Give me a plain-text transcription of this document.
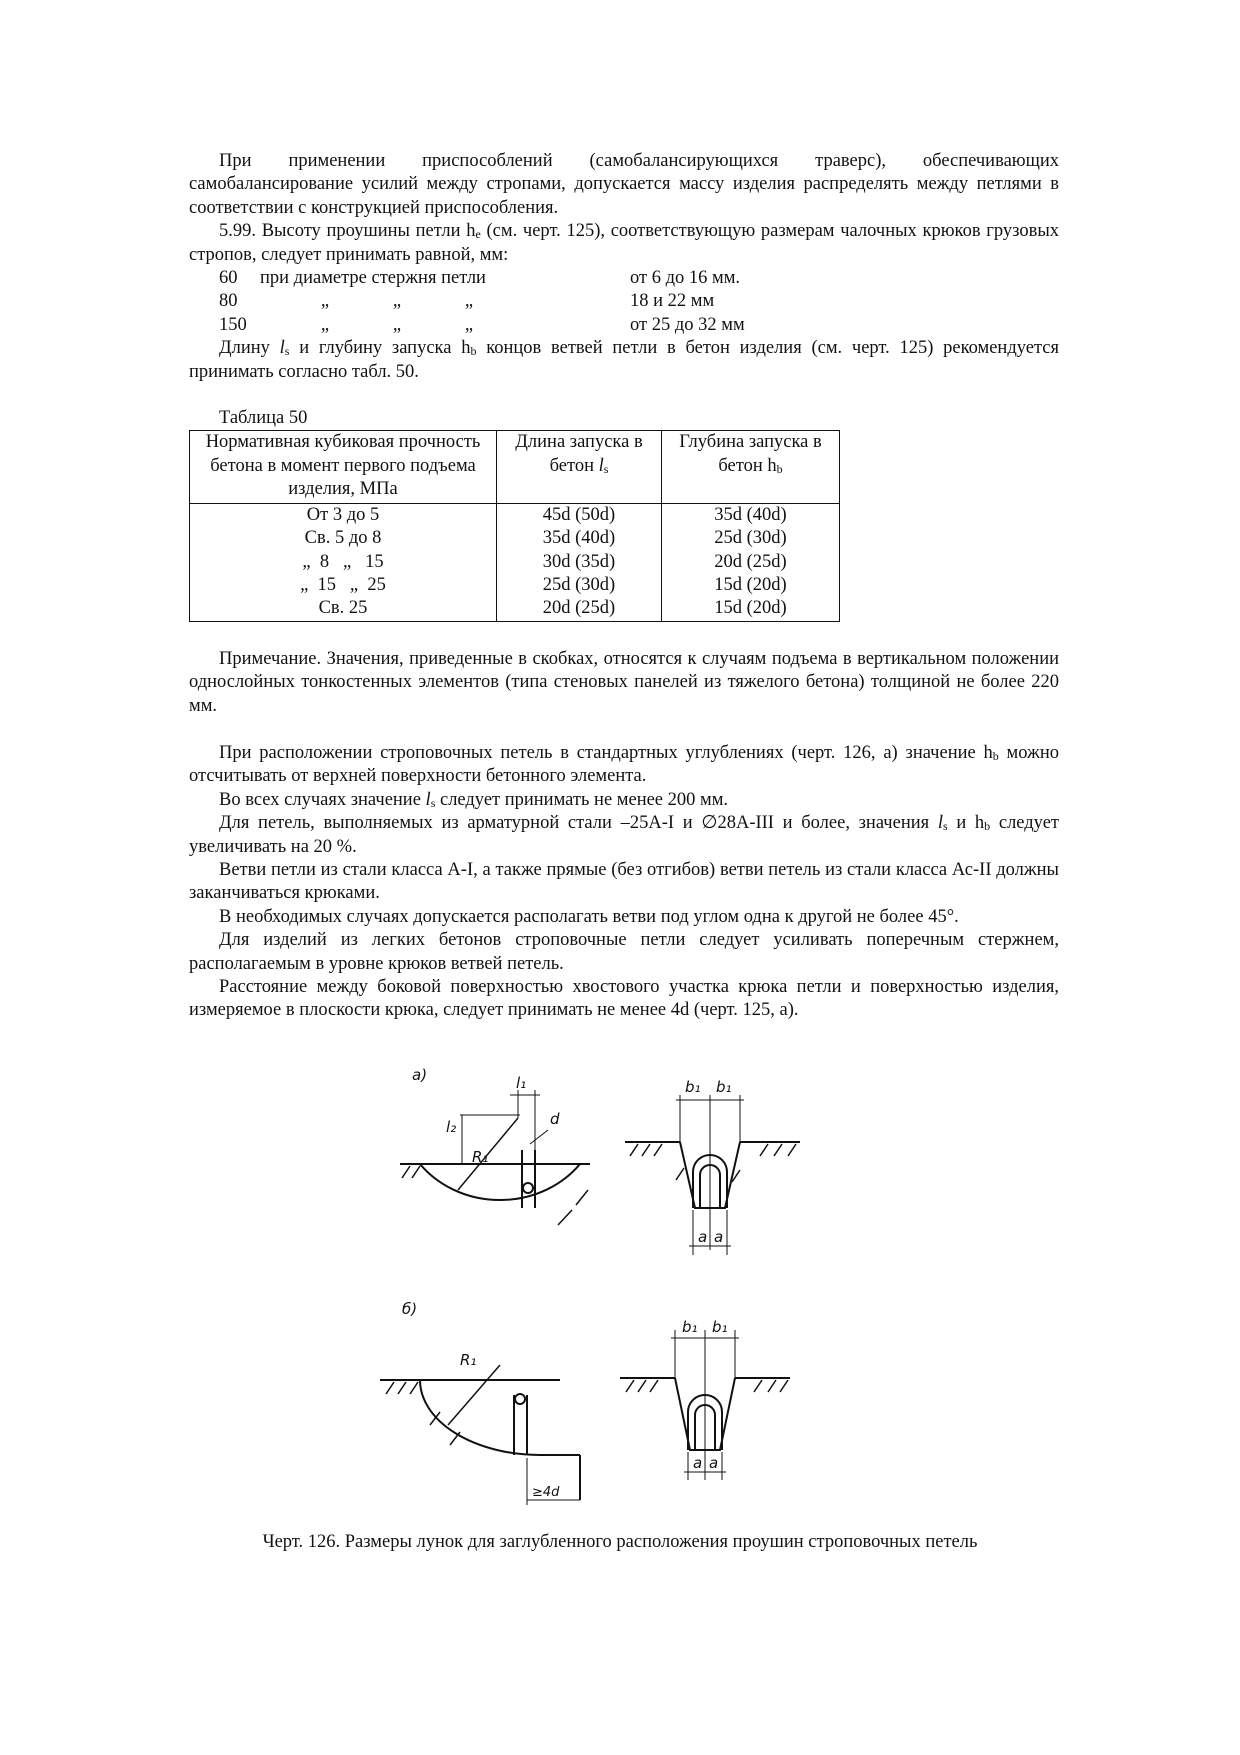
При применении приспособлений (самобалансирующихся траверс), обеспечивающих самобалансирование усилий между стропами, допускается массу изделия распределять между петлями в соответствии с конструкцией приспособления.

5.99. Высоту проушины петли $h_e$ (см. черт. 125), соответствующую размерам чалочных крюков грузовых стропов, следует принимать равной, мм:

60	при диаметре стержня петли	от 6 до 16 мм.
80	„	„	„	18 и 22 мм
150	„	„	„	от 25 до 32 мм

Длину $l_s$ и глубину запуска $h_b$ концов ветвей петли в бетон изделия (см. черт. 125) рекомендуется принимать согласно табл. 50.

Таблица 50
Нормативная кубиковая прочность бетона в момент первого подъема изделия, МПа	Длина запуска в бетон $l_s$	Глубина запуска в бетон $h_b$
От 3 до 5	45d (50d)	35d (40d)
Св. 5 до 8	35d (40d)	25d (30d)
„  8   „   15	30d (35d)	20d (25d)
„  15   „  25	25d (30d)	15d (20d)
Св. 25	20d (25d)	15d (20d)

Примечание. Значения, приведенные в скобках, относятся к случаям подъема в вертикальном положении однослойных тонкостенных элементов (типа стеновых панелей из тяжелого бетона) толщиной не более 220 мм.

При расположении строповочных петель в стандартных углублениях (черт. 126, а) значение $h_b$ можно отсчитывать от верхней поверхности бетонного элемента.

Во всех случаях значение $l_s$ следует принимать не менее 200 мм.

Для петель, выполняемых из арматурной стали ⎯25А-I и ∅28А-III и более, значения $l_s$ и $h_b$ следует увеличивать на 20 %.

Ветви петли из стали класса А-I, а также прямые (без отгибов) ветви петель из стали класса Ас-II должны заканчиваться крюками.

В необходимых случаях допускается располагать ветви под углом одна к другой не более 45°.

Для изделий из легких бетонов строповочные петли следует усиливать поперечным стержнем, располагаемым в уровне крюков ветвей петель.

Расстояние между боковой поверхностью хвостового участка крюка петли и поверхностью изделия, измеряемое в плоскости крюка, следует принимать не менее 4d (черт. 125, а).

а)	l₁
l₂	d
R₁
b₁ b₁
a a
б)
R₁
b₁ b₁
a a
≥4d
Черт. 126. Размеры лунок для заглубленного расположения проушин строповочных петель
